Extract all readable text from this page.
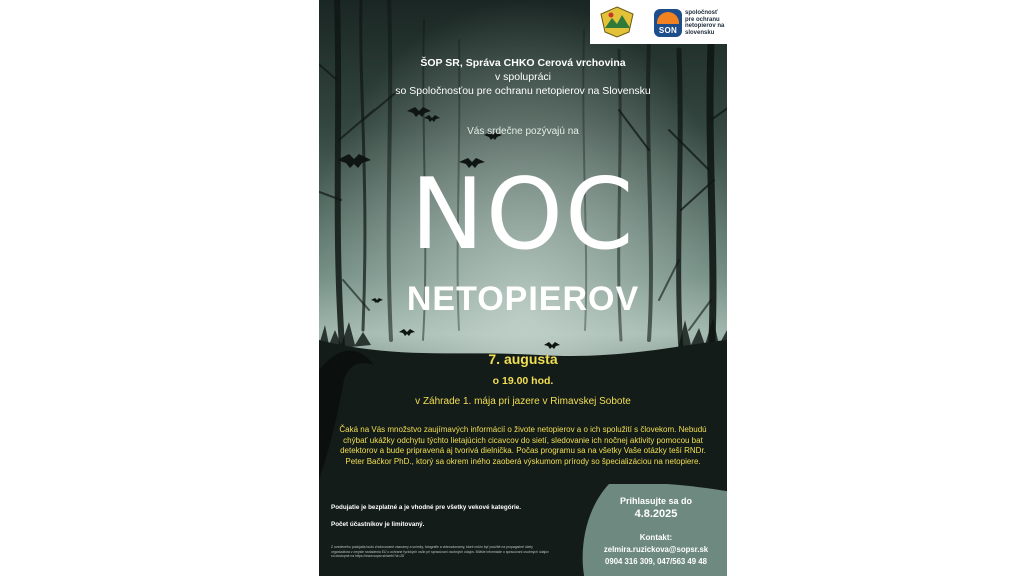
SON
spoločnosť pre ochranu netopierov na slovensku
ŠOP SR, Správa CHKO Cerová vrchovina
v spolupráci
so Spoločnosťou pre ochranu netopierov na Slovensku
Vás srdečne pozývajú na
NOC
NETOPIEROV
7. augusta
o 19.00 hod.
v Záhrade 1. mája pri jazere v Rimavskej Sobote
Čaká na Vás množstvo zaujímavých informácií o živote netopierov a o ich spolužití s človekom. Nebudú chýbať ukážky odchytu týchto lietajúcich cicavcov do sietí, sledovanie ich nočnej aktivity pomocou bat detektorov a bude pripravená aj tvorivá dielnička. Počas programu sa na všetky Vaše otázky teší RNDr. Peter Bačkor PhD., ktorý sa okrem iného zaoberá výskumom prírody so špecializáciou na netopiere.
Podujatie je bezplatné a je vhodné pre všetky vekové kategórie.
Počet účastníkov je limitovaný.
Z uvedeného podujatia budú zhotovované záznamy a snímky, fotografie a videozáznamy, ktoré môžu byť použité na propagačné účely organizátora v zmysle nariadenia EÚ o ochrane fyzických osôb pri spracúvaní osobných údajov. Bližšie informácie o spracúvaní osobných údajov sú dostupné na https://www.sopsr.sk/web/?cl=28
Prihlasujte sa do
4.8.2025
Kontakt:
zelmira.ruzickova@sopsr.sk
0904 316 309, 047/563 49 48
